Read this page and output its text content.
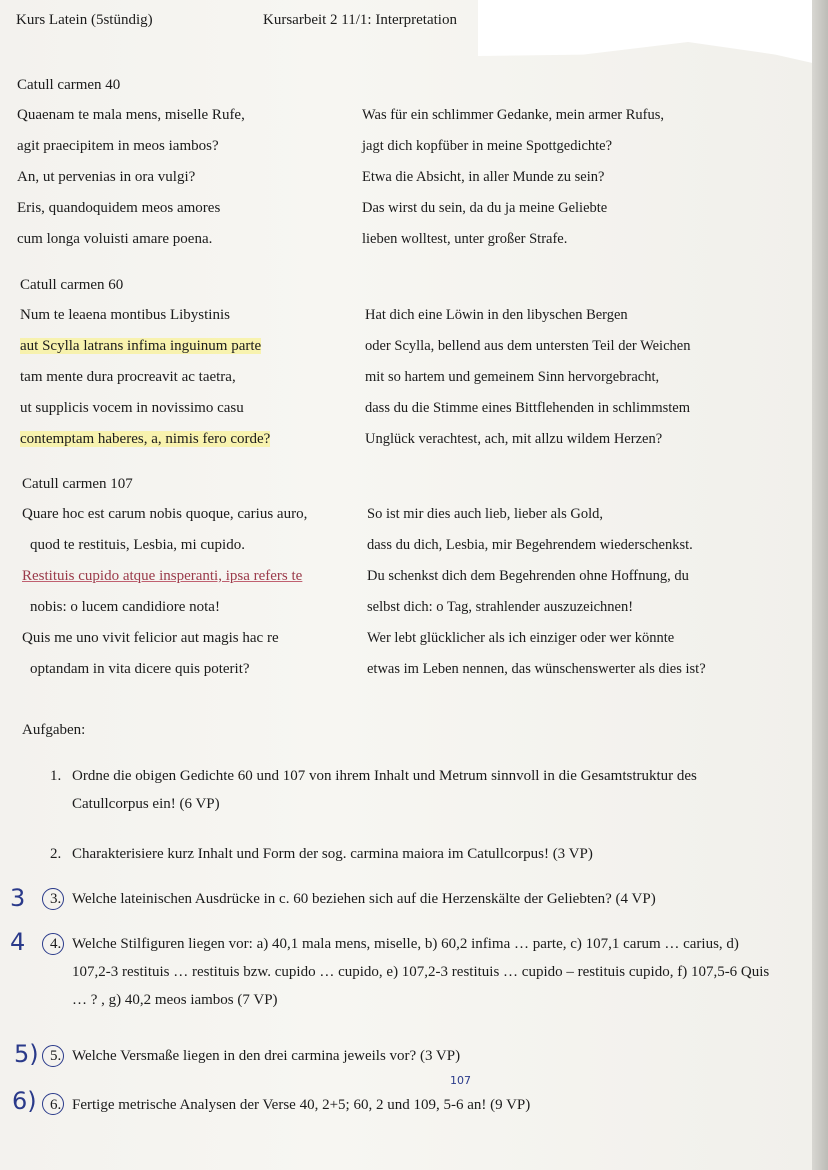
Kurs Latein (5stündig)	Kursarbeit 2 11/1: Interpretation
Catull carmen 40
Quaenam te mala mens, miselle Rufe,
agit praecipitem in meos iambos?
An, ut pervenias in ora vulgi?
Eris, quandoquidem meos amores
cum longa voluisti amare poena.
Was für ein schlimmer Gedanke, mein armer Rufus,
jagt dich kopfüber in meine Spottgedichte?
Etwa die Absicht, in aller Munde zu sein?
Das wirst du sein, da du ja meine Geliebte
lieben wolltest, unter großer Strafe.
Catull carmen 60
Num te leaena montibus Libystinis
aut Scylla latrans infima inguinum parte
tam mente dura procreavit ac taetra,
ut supplicis vocem in novissimo casu
contemptam haberes, a, nimis fero corde?
Hat dich eine Löwin in den libyschen Bergen
oder Scylla, bellend aus dem untersten Teil der Weichen
mit so hartem und gemeinem Sinn hervorgebracht,
dass du die Stimme eines Bittflehenden in schlimmstem
Unglück verachtest, ach, mit allzu wildem Herzen?
Catull carmen 107
Quare hoc est carum nobis quoque, carius auro,
quod te restituis, Lesbia, mi cupido.
Restituis cupido atque insperanti, ipsa refers te
nobis: o lucem candidiore nota!
Quis me uno vivit felicior aut magis hac re
optandam in vita dicere quis poterit?
So ist mir dies auch lieb, lieber als Gold,
dass du dich, Lesbia, mir Begehrendem wiederschenkst.
Du schenkst dich dem Begehrenden ohne Hoffnung, du
selbst dich: o Tag, strahlender auszuzeichnen!
Wer lebt glücklicher als ich einziger oder wer könnte
etwas im Leben nennen, das wünschenswerter als dies ist?
Aufgaben:
1. Ordne die obigen Gedichte 60 und 107 von ihrem Inhalt und Metrum sinnvoll in die Gesamtstruktur des Catullcorpus ein! (6 VP)
2. Charakterisiere kurz Inhalt und Form der sog. carmina maiora im Catullcorpus! (3 VP)
3. Welche lateinischen Ausdrücke in c. 60 beziehen sich auf die Herzenskälte der Geliebten? (4 VP)
4. Welche Stilfiguren liegen vor: a) 40,1 mala mens, miselle, b) 60,2 infima … parte, c) 107,1 carum … carius, d) 107,2-3 restituis … restituis bzw. cupido … cupido, e) 107,2-3 restituis … cupido – restituis cupido, f) 107,5-6 Quis … ? , g) 40,2 meos iambos (7 VP)
5. Welche Versmaße liegen in den drei carmina jeweils vor? (3 VP)
6. Fertige metrische Analysen der Verse 40, 2+5; 60, 2 und 109, 5-6 an! (9 VP)
3
4
5)
6)
107
